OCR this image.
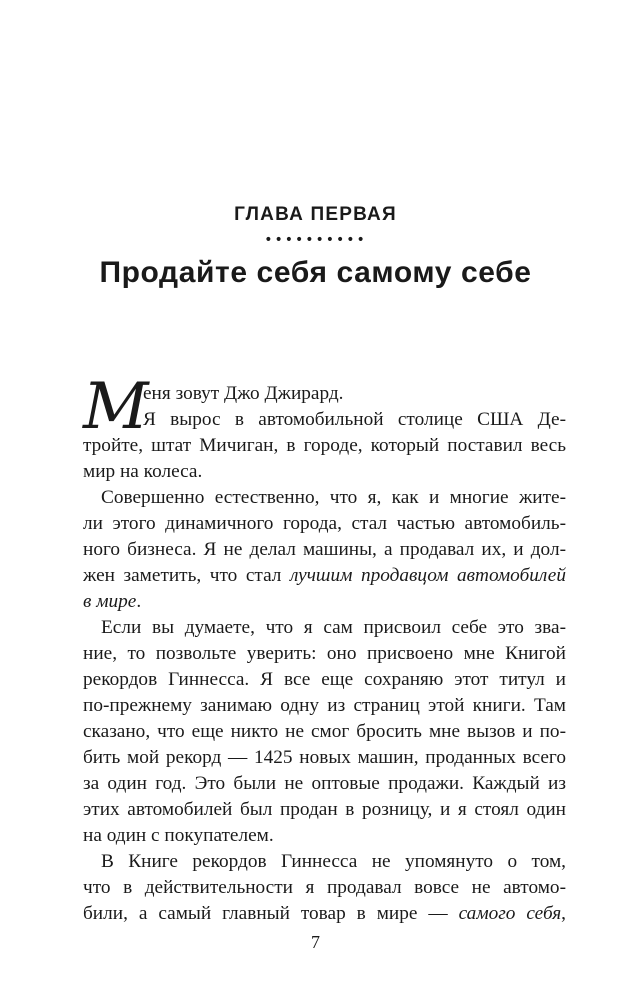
ГЛАВА ПЕРВАЯ
••••••••••
Продайте себя самому себе
М
еня зовут Джо Джирард.
Я вырос в автомобильной столице США Де-
тройте, штат Мичиган, в городе, который поставил весь
мир на колеса.
Совершенно естественно, что я, как и многие жите-
ли этого динамичного города, стал частью автомобиль-
ного бизнеса. Я не делал машины, а продавал их, и дол-
жен заметить, что стал лучшим продавцом автомобилей
в мире.
Если вы думаете, что я сам присвоил себе это зва-
ние, то позвольте уверить: оно присвоено мне Книгой
рекордов Гиннесса. Я все еще сохраняю этот титул и
по-прежнему занимаю одну из страниц этой книги. Там
сказано, что еще никто не смог бросить мне вызов и по-
бить мой рекорд — 1425 новых машин, проданных всего
за один год. Это были не оптовые продажи. Каждый из
этих автомобилей был продан в розницу, и я стоял один
на один с покупателем.
В Книге рекордов Гиннесса не упомянуто о том,
что в действительности я продавал вовсе не автомо-
били, а самый главный товар в мире — самого себя,
7
